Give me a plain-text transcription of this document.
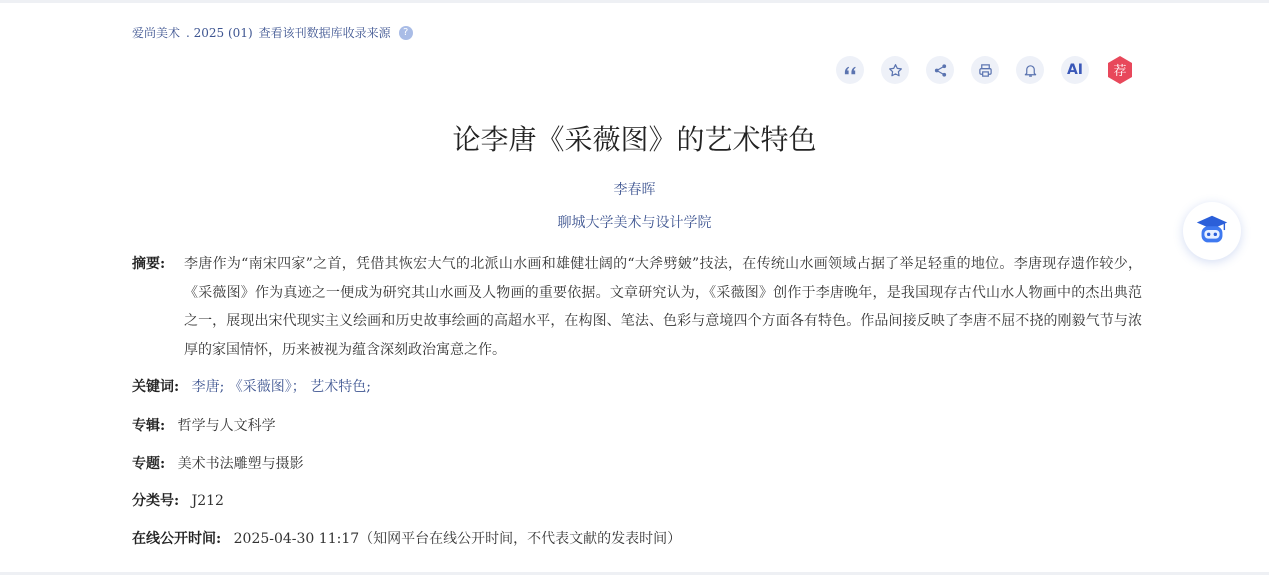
爱尚美术 . 2025 (01) 查看该刊数据库收录来源	?
AI	荐
论李唐《采薇图》的艺术特色
李春晖
聊城大学美术与设计学院
摘要: 李唐作为“南宋四家”之首，凭借其恢宏大气的北派山水画和雄健壮阔的“大斧劈皴”技法，在传统山水画领域占据了举足轻重的地位。李唐现存遗作较少，《采薇图》作为真迹之一便成为研究其山水画及人物画的重要依据。文章研究认为，《采薇图》创作于李唐晚年，是我国现存古代山水人物画中的杰出典范之一，展现出宋代现实主义绘画和历史故事绘画的高超水平，在构图、笔法、色彩与意境四个方面各有特色。作品间接反映了李唐不屈不挠的刚毅气节与浓厚的家国情怀，历来被视为蕴含深刻政治寓意之作。
关键词: 李唐; 《采薇图》； 艺术特色;
专辑: 哲学与人文科学
专题: 美术书法雕塑与摄影
分类号: J212
在线公开时间: 2025-04-30 11:17（知网平台在线公开时间，不代表文献的发表时间）
